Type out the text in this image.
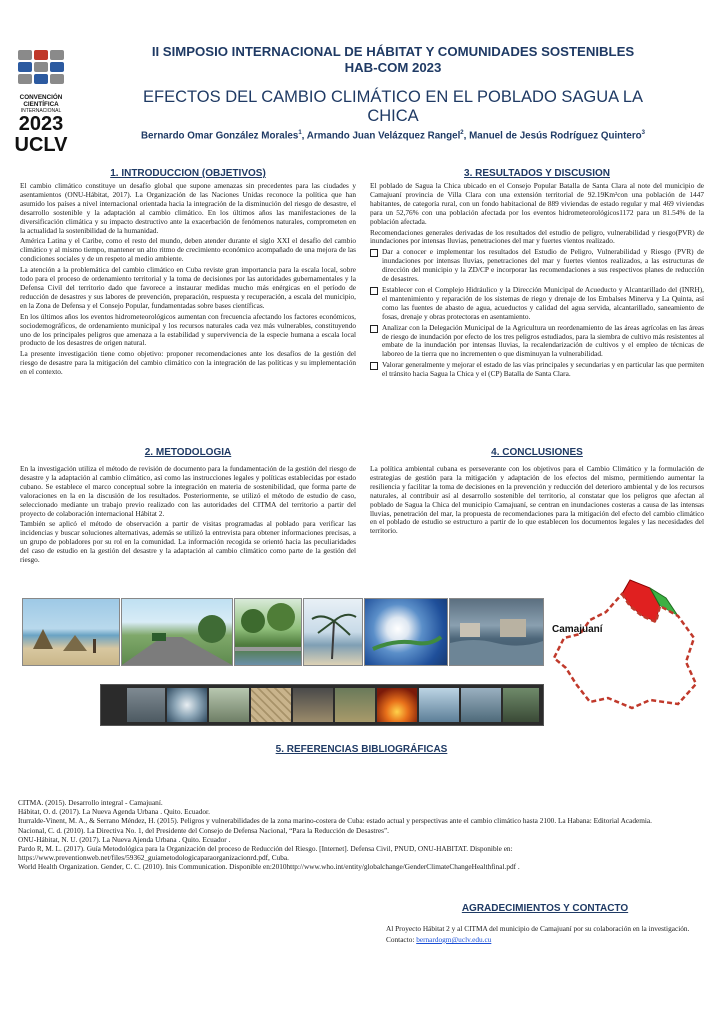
CONVENCIÓN
CIENTÍFICA
INTERNACIONAL
2023
UCLV
II SIMPOSIO INTERNACIONAL DE HÁBITAT Y COMUNIDADES SOSTENIBLES
HAB-COM 2023
EFECTOS DEL CAMBIO CLIMÁTICO EN EL POBLADO SAGUA LA
CHICA
Bernardo Omar González Morales$^1$, Armando Juan Velázquez Rangel$^2$, Manuel de Jesús Rodríguez Quintero$^3$
1. INTRODUCCION (OBJETIVOS)

El cambio climático constituye un desafío global que supone amenazas sin precedentes para las ciudades y asentamientos (ONU-Hábitat, 2017). La Organización de las Naciones Unidas reconoce la política que han asumido los países a nivel internacional orientada hacia la integración de la disminución del riesgo de desastre, el desarrollo sostenible y la adaptación al cambio climático. En los últimos años las manifestaciones de la diversificación climática y su impacto destructivo ante la exacerbación de fenómenos naturales, comprometen en la actualidad la sostenibilidad de la humanidad.

América Latina y el Caribe, como el resto del mundo, deben atender durante el siglo XXI el desafío del cambio climático y al mismo tiempo, mantener un alto ritmo de crecimiento económico acompañado de una mejora de las condiciones sociales y de un respeto al medio ambiente.

La atención a la problemática del cambio climático en Cuba reviste gran importancia para la escala local, sobre todo para el proceso de ordenamiento territorial y la toma de decisiones por las autoridades gubernamentales y la Defensa Civil del territorio dado que favorece a instaurar medidas mucho más enérgicas en el período de reducción de desastres y sus labores de prevención, preparación, respuesta y recuperación, a escala del municipio, en la Zona de Defensa y el Consejo Popular, fundamentadas sobre bases científicas.

En los últimos años los eventos hidrometeorológicos aumentan con frecuencia afectando los factores económicos, sociodemográficos, de ordenamiento municipal y los recursos naturales cada vez más vulnerables, constituyendo uno de los principales peligros que amenaza a la estabilidad y supervivencia de la especie humana a escala local producto de los desastres de origen natural.

La presente investigación tiene como objetivo: proponer recomendaciones ante los desafíos de la gestión del riesgo de desastre para la mitigación del cambio climático con la integración de las políticas y su implementación en el contexto.

2. METODOLOGIA

En la investigación utiliza el método de revisión de documento para la fundamentación de la gestión del riesgo de desastre y la adaptación al cambio climático, así como las instrucciones legales y políticas establecidas por estado cubano. Se establece el marco conceptual sobre la integración en materia de sostenibilidad, que forma parte de valoraciones en la en la discusión de los resultados. Posteriormente, se utilizó el método de estudio de caso, seleccionado mediante un trabajo previo realizado con las autoridades del CITMA del territorio a partir del proyecto de colaboración internacional Hábitat 2.

También se aplicó el método de observación a partir de visitas programadas al poblado para verificar las incidencias y buscar soluciones alternativas, además se utilizó la entrevista para obtener informaciones precisas, a un grupo de pobladores por su rol en la comunidad. La información recogida se orientó hacia las peculiaridades del caso de estudio en la gestión del desastre y la adaptación al cambio climático como parte de la gestión del riesgo.

3. RESULTADOS Y DISCUSION

El poblado de Sagua la Chica ubicado en el Consejo Popular Batalla de Santa Clara al note del municipio de Camajuaní provincia de Villa Clara con una extensión territorial de 92.19Km²con una población de 1447 habitantes, de categoría rural, con un fondo habitacional de 889 viviendas de estado regular y mal 469 viviendas para un 52,76% con una población afectada por los eventos hidrometeorológicos1172 para un 81.54% de la población afectada.

Recomendaciones generales derivadas de los resultados del estudio de peligro, vulnerabilidad y riesgo(PVR) de inundaciones por intensas lluvias, penetraciones del mar y fuertes vientos realizado.

Dar a conocer e implementar los resultados del Estudio de Peligro, Vulnerabilidad y Riesgo (PVR) de inundaciones por intensas lluvias, penetraciones del mar y fuertes vientos realizados, a las estructuras de dirección del municipio y la ZD/CP e incorporar las recomendaciones a sus respectivos planes de reducción de desastres.
Establecer con el Complejo Hidráulico y la Dirección Municipal de Acueducto y Alcantarillado del (INRH), el mantenimiento y reparación de los sistemas de riego y drenaje de los Embalses Minerva y La Quinta, así como las fuentes de abasto de agua, acueductos y calidad del agua servida, alcantarillado, saneamiento de fosas, drenaje y obras protectoras en asentamiento.
Analizar con la Delegación Municipal de la Agricultura un reordenamiento de las áreas agrícolas en las áreas de riesgo de inundación por efecto de los tres peligros estudiados, para la siembra de cultivo más resistentes al embate de la inundación por intensas lluvias, la recalendarización de cultivos y el empleo de técnicas de laboreo de la tierra que no incrementen o que disminuyan la vulnerabilidad.
Valorar generalmente y mejorar el estado de las vías principales y secundarias y en particular las que permiten el tránsito hacia Sagua la Chica y el (CP) Batalla de Santa Clara.
4. CONCLUSIONES

La política ambiental cubana es perseverante con los objetivos para el Cambio Climático y la formulación de estrategias de gestión para la mitigación y adaptación de los efectos del mismo, permitiendo aumentar la resiliencia y facilitar la toma de decisiones en la prevención y reducción del deterioro ambiental y de los recursos naturales, al contribuir así al desarrollo sostenible del territorio, al constatar que los peligros que afectan al poblado de Sagua la Chica del municipio Camajuaní, se centran en inundaciones costeras a causa de las intensas lluvias, penetración del mar, la propuesta de recomendaciones para la mitigación del efecto del cambio climático en el poblado de estudio se estructuro a partir de lo que establecen los documentos legales y las necesidades del territorio.

Camajuaní
5. REFERENCIAS BIBLIOGRÁFICAS

CITMA. (2015). Desarrollo integral - Camajuaní.

Hábitat, O. d. (2017). La Nueva Agenda Urbana . Quito. Ecuador.

Iturralde-Vinent, M. A., & Serrano Méndez, H. (2015). Peligros y vulnerabilidades de la zona marino-costera de Cuba: estado actual y perspectivas ante el cambio climático hasta 2100. La Habana: Editorial Academia.

Nacional, C. d. (2010). La Directiva No. 1, del Presidente del Consejo de Defensa Nacional, “Para la Reducción de Desastres”.

ONU-Hábitat, N. U. (2017). La Nueva Ajenda Urbana . Quito. Ecuador .

Pardo R, M. L. (2017). Guía Metodológica para la Organización del proceso de Reducción del Riesgo. [Internet]. Defensa Civil, PNUD, ONU-HABITAT. Disponible en: https://www.preventionweb.net/files/59362_guiametodologicaparaorganizacionrd.pdf, Cuba.

World Health Organization. Gender, C. C. (2010). Inis Communication. Disponible en:2010http://www.who.int/entity/globalchange/GenderClimateChangeHealthfinal.pdf .

AGRADECIMIENTOS Y CONTACTO

Al Proyecto Hábitat 2 y al CITMA del municipio de Camajuaní por su colaboración en la investigación.

Contacto: bernardogm@uclv.edu.cu
